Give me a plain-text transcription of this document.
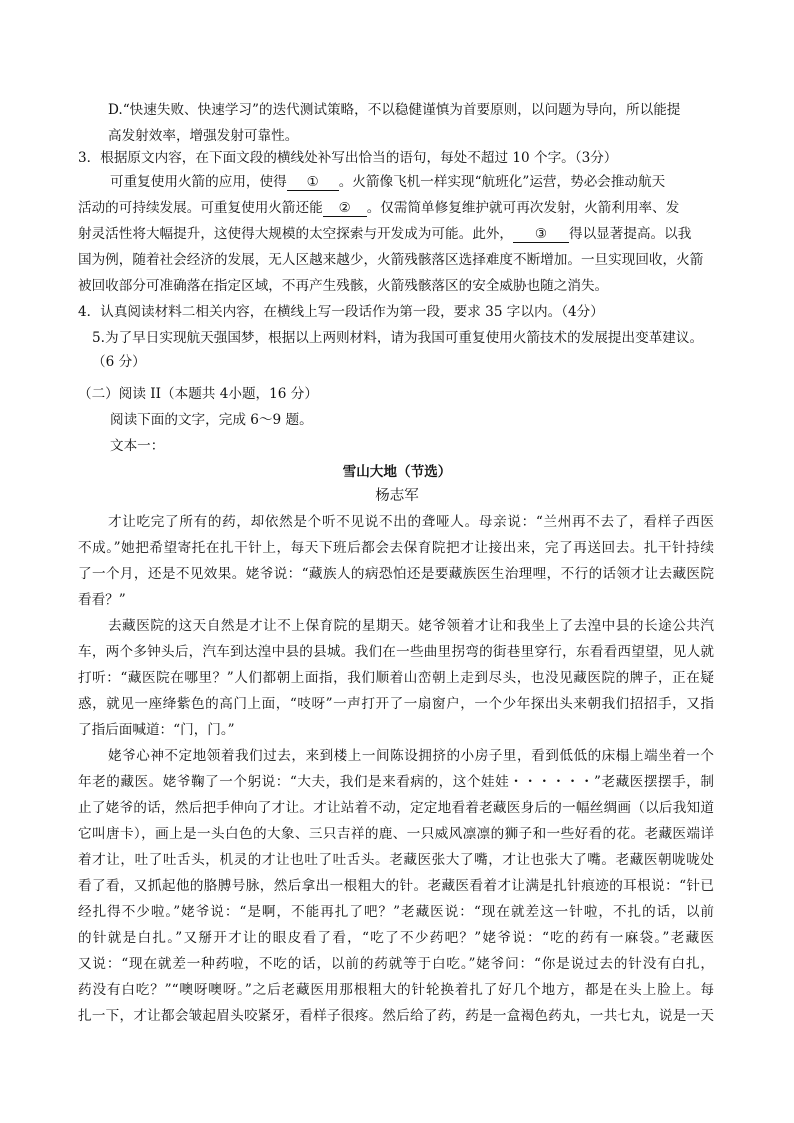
D.“快速失败、快速学习”的迭代测试策略，不以稳健谨慎为首要原则，以问题为导向，所以能提
高发射效率，增强发射可靠性。
3．根据原文内容，在下面文段的横线处补写出恰当的语句，每处不超过 10 个字。（3分）
可重复使用火箭的应用，使得 ① 。火箭像飞机一样实现“航班化”运营，势必会推动航天
活动的可持续发展。可重复使用火箭还能 ② 。仅需简单修复维护就可再次发射，火箭利用率、发
射灵活性将大幅提升，这使得大规模的太空探索与开发成为可能。此外， ③ 得以显著提高。以我
国为例，随着社会经济的发展，无人区越来越少，火箭残骸落区选择难度不断增加。一旦实现回收，火箭
被回收部分可准确落在指定区域，不再产生残骸，火箭残骸落区的安全威胁也随之消失。
4．认真阅读材料二相关内容，在横线上写一段话作为第一段，要求 35 字以内。（4分）
5.为了早日实现航天强国梦，根据以上两则材料，请为我国可重复使用火箭技术的发展提出变革建议。
（6 分）
（二）阅读 II（本题共 4小题，16 分）
阅读下面的文字，完成 6～9 题。
文本一：
雪山大地（节选）
杨志军
才让吃完了所有的药，却依然是个听不见说不出的聋哑人。母亲说：“兰州再不去了，看样子西医
不成。”她把希望寄托在扎干针上，每天下班后都会去保育院把才让接出来，完了再送回去。扎干针持续
了一个月，还是不见效果。姥爷说：“藏族人的病恐怕还是要藏族医生治理哩，不行的话领才让去藏医院
看看？”
去藏医院的这天自然是才让不上保育院的星期天。姥爷领着才让和我坐上了去湟中县的长途公共汽
车，两个多钟头后，汽车到达湟中县的县城。我们在一些曲里拐弯的街巷里穿行，东看看西望望，见人就
打听：“藏医院在哪里？”人们都朝上面指，我们顺着山峦朝上走到尽头，也没见藏医院的牌子，正在疑
惑，就见一座绛紫色的高门上面，“吱呀”一声打开了一扇窗户，一个少年探出头来朝我们招招手，又指
了指后面喊道：“门，门。”
姥爷心神不定地领着我们过去，来到楼上一间陈设拥挤的小房子里，看到低低的床榻上端坐着一个
年老的藏医。姥爷鞠了一个躬说：“大夫，我们是来看病的，这个娃娃・・・・・・”老藏医摆摆手，制
止了姥爷的话，然后把手伸向了才让。才让站着不动，定定地看着老藏医身后的一幅丝绸画（以后我知道
它叫唐卡），画上是一头白色的大象、三只吉祥的鹿、一只威风凛凛的狮子和一些好看的花。老藏医端详
着才让，吐了吐舌头，机灵的才让也吐了吐舌头。老藏医张大了嘴，才让也张大了嘴。老藏医朝咙咙处
看了看，又抓起他的胳膊号脉，然后拿出一根粗大的针。老藏医看着才让满是扎针痕迹的耳根说：“针已
经扎得不少啦。”姥爷说：“是啊，不能再扎了吧？”老藏医说：“现在就差这一针啦，不扎的话，以前
的针就是白扎。”又掰开才让的眼皮看了看，“吃了不少药吧？”姥爷说：“吃的药有一麻袋。”老藏医
又说：“现在就差一种药啦，不吃的话，以前的药就等于白吃。”姥爷问：“你是说过去的针没有白扎，
药没有白吃？”“噢呀噢呀。”之后老藏医用那根粗大的针轮换着扎了好几个地方，都是在头上脸上。每
扎一下，才让都会皱起眉头咬紧牙，看样子很疼。然后给了药，药是一盒褐色药丸，一共七丸，说是一天
